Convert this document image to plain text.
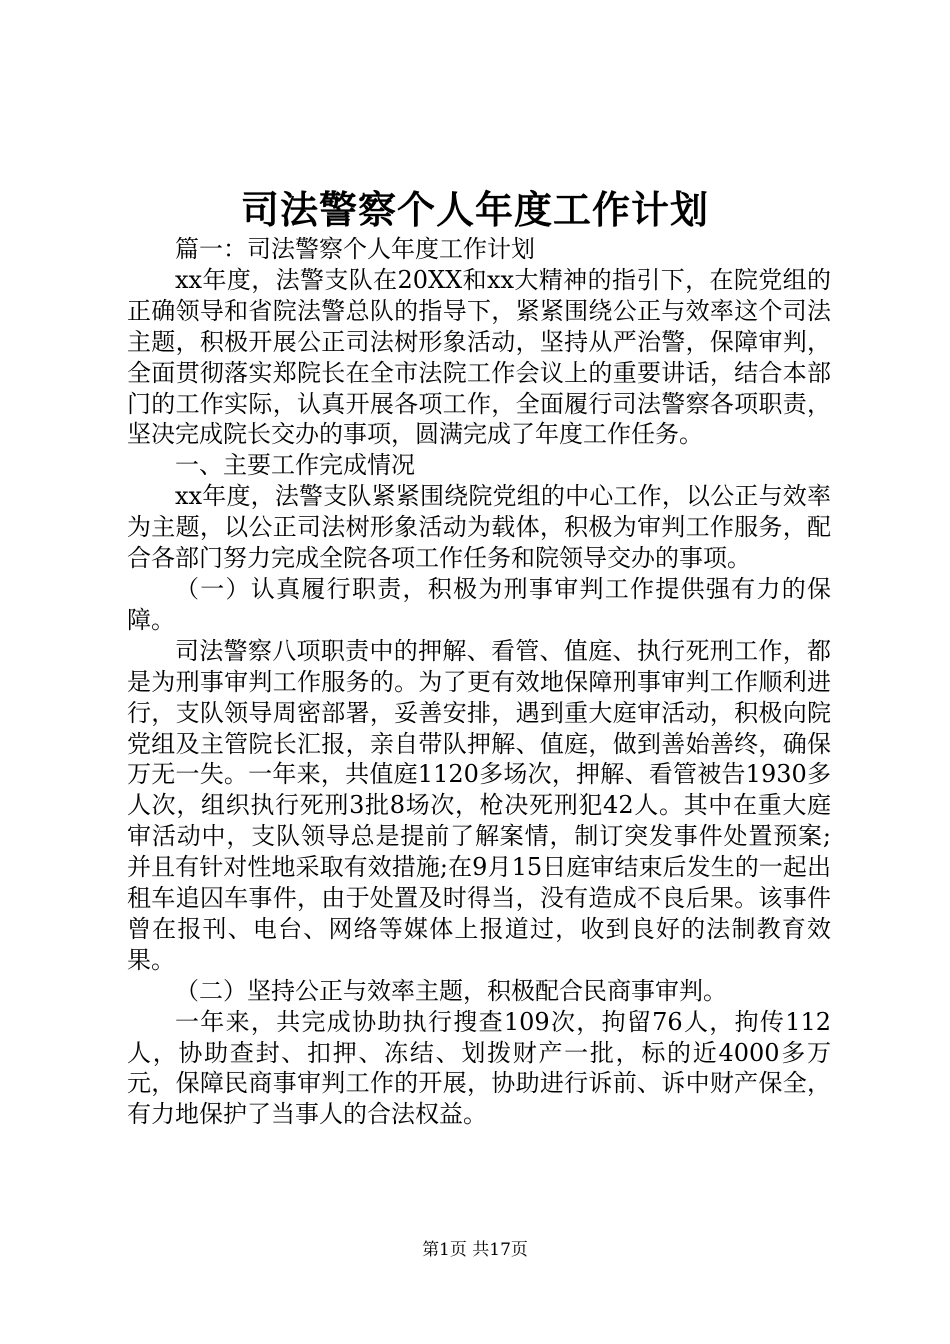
司法警察个人年度工作计划

篇一：司法警察个人年度工作计划

xx年度，法警支队在20XX和xx大精神的指引下，在院党组的正确领导和省院法警总队的指导下，紧紧围绕公正与效率这个司法主题，积极开展公正司法树形象活动，坚持从严治警，保障审判，全面贯彻落实郑院长在全市法院工作会议上的重要讲话，结合本部门的工作实际，认真开展各项工作，全面履行司法警察各项职责，坚决完成院长交办的事项，圆满完成了年度工作任务。

一、主要工作完成情况

xx年度，法警支队紧紧围绕院党组的中心工作，以公正与效率为主题，以公正司法树形象活动为载体，积极为审判工作服务，配合各部门努力完成全院各项工作任务和院领导交办的事项。

（一）认真履行职责，积极为刑事审判工作提供强有力的保障。

司法警察八项职责中的押解、看管、值庭、执行死刑工作，都是为刑事审判工作服务的。为了更有效地保障刑事审判工作顺利进行，支队领导周密部署，妥善安排，遇到重大庭审活动，积极向院党组及主管院长汇报，亲自带队押解、值庭，做到善始善终，确保万无一失。一年来，共值庭1120多场次，押解、看管被告1930多人次，组织执行死刑3批8场次，枪决死刑犯42人。其中在重大庭审活动中，支队领导总是提前了解案情，制订突发事件处置预案;并且有针对性地采取有效措施;在9月15日庭审结束后发生的一起出租车追囚车事件，由于处置及时得当，没有造成不良后果。该事件曾在报刊、电台、网络等媒体上报道过，收到良好的法制教育效果。

（二）坚持公正与效率主题，积极配合民商事审判。

一年来，共完成协助执行搜查109次，拘留76人，拘传112人，协助查封、扣押、冻结、划拨财产一批，标的近4000多万元，保障民商事审判工作的开展，协助进行诉前、诉中财产保全，有力地保护了当事人的合法权益。

第1页 共17页
